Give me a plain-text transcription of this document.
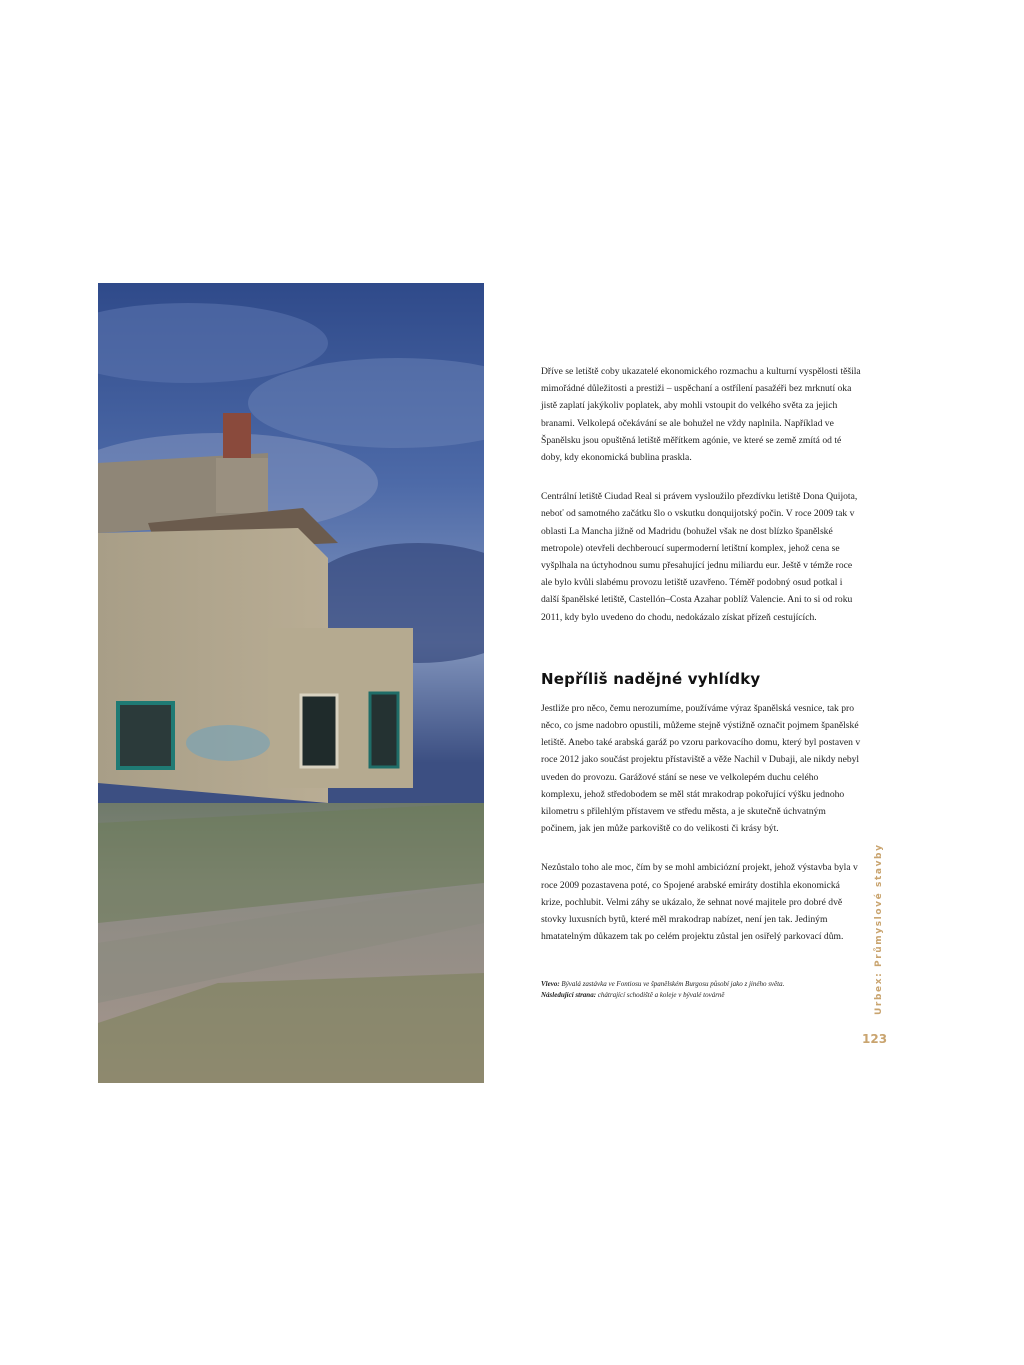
Dříve se letiště coby ukazatelé ekonomického rozmachu a kulturní vyspělosti těšila mimořádné důležitosti a prestiži – uspěchaní a ostřílení pasažéři bez mrknutí oka jistě zaplatí jakýkoliv poplatek, aby mohli vstoupit do velkého světa za jejich branami. Velkolepá očekávání se ale bohužel ne vždy naplnila. Například ve Španělsku jsou opuštěná letiště měřítkem agónie, ve které se země zmítá od té doby, kdy ekonomická bublina praskla.

Centrální letiště Ciudad Real si právem vysloužilo přezdívku letiště Dona Quijota, neboť od samotného začátku šlo o vskutku donquijotský počin. V roce 2009 tak v oblasti La Mancha jižně od Madridu (bohužel však ne dost blízko španělské metropole) otevřeli dechberoucí supermoderní letištní komplex, jehož cena se vyšplhala na úctyhodnou sumu přesahující jednu miliardu eur. Ještě v témže roce ale bylo kvůli slabému provozu letiště uzavřeno. Téměř podobný osud potkal i další španělské letiště, Castellón–Costa Azahar poblíž Valencie. Ani to si od roku 2011, kdy bylo uvedeno do chodu, nedokázalo získat přízeň cestujících.

Nepříliš nadějné vyhlídky

Jestliže pro něco, čemu nerozumíme, používáme výraz španělská vesnice, tak pro něco, co jsme nadobro opustili, můžeme stejně výstižně označit pojmem španělské letiště. Anebo také arabská garáž po vzoru parkovacího domu, který byl postaven v roce 2012 jako součást projektu přístaviště a věže Nachil v Dubaji, ale nikdy nebyl uveden do provozu. Garážové stání se nese ve velkolepém duchu celého komplexu, jehož středobodem se měl stát mrakodrap pokořující výšku jednoho kilometru s přilehlým přístavem ve středu města, a je skutečně úchvatným počinem, jak jen může parkoviště co do velikosti či krásy být.

Nezůstalo toho ale moc, čím by se mohl ambiciózní projekt, jehož výstavba byla v roce 2009 pozastavena poté, co Spojené arabské emiráty dostihla ekonomická krize, pochlubit. Velmi záhy se ukázalo, že sehnat nové majitele pro dobré dvě stovky luxusních bytů, které měl mrakodrap nabízet, není jen tak. Jediným hmatatelným důkazem tak po celém projektu zůstal jen osiřelý parkovací dům.

Vlevo: Bývalá zastávka ve Fontiosu ve španělském Burgosu působí jako z jiného světa.
Následující strana: chátrající schodiště a koleje v bývalé továrně	Urbex: Průmyslové stavby
123
